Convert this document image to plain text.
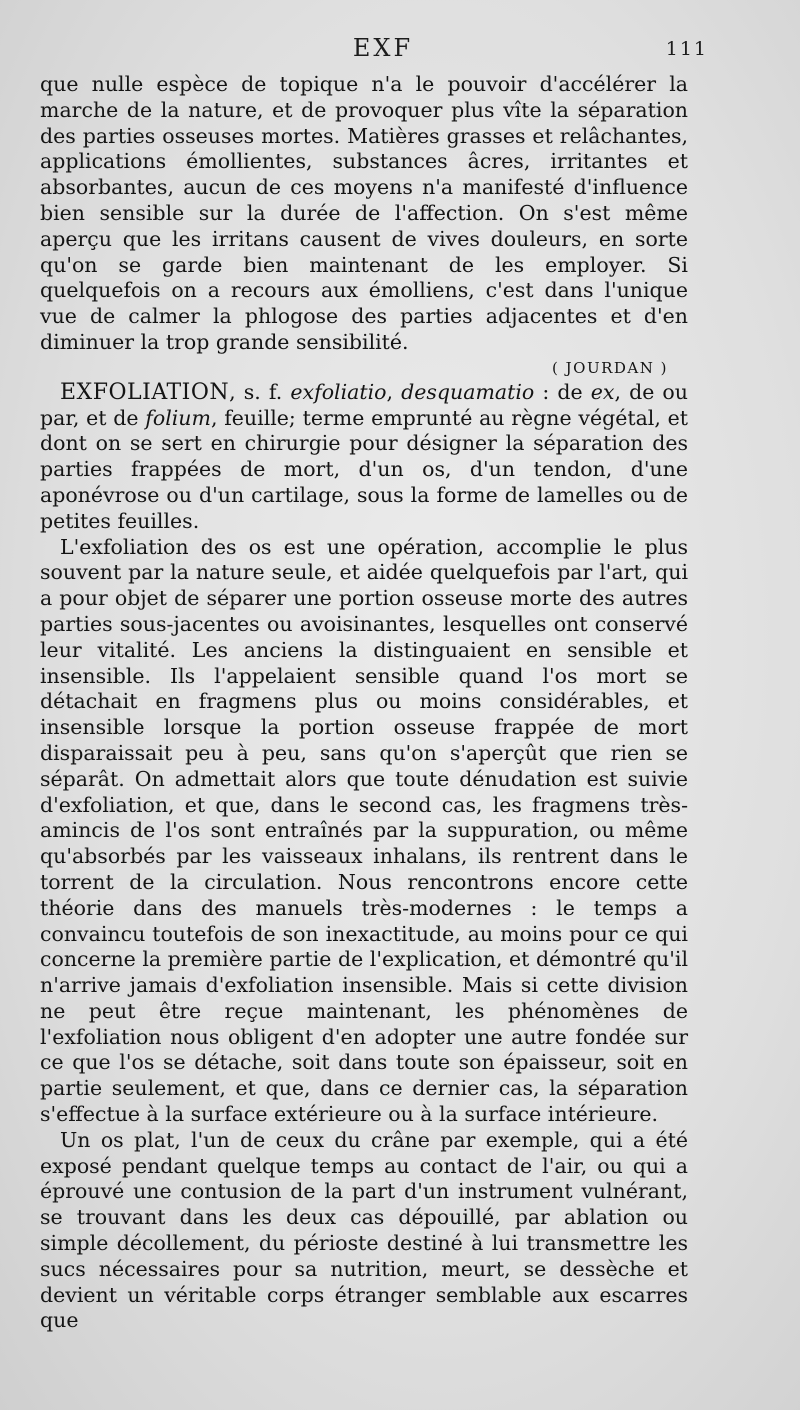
EXF	111

que nulle espèce de topique n'a le pouvoir d'accélérer la marche de la nature, et de provoquer plus vîte la séparation des parties osseuses mortes. Matières grasses et relâchantes, applications émollientes, substances âcres, irritantes et absorbantes, aucun de ces moyens n'a manifesté d'influence bien sensible sur la durée de l'affection. On s'est même aperçu que les irritans causent de vives douleurs, en sorte qu'on se garde bien maintenant de les employer. Si quelquefois on a recours aux émolliens, c'est dans l'unique vue de calmer la phlogose des parties adjacentes et d'en diminuer la trop grande sensibilité.

( JOURDAN )

EXFOLIATION, s. f. exfoliatio, desquamatio : de ex, de ou par, et de folium, feuille; terme emprunté au règne végétal, et dont on se sert en chirurgie pour désigner la séparation des parties frappées de mort, d'un os, d'un tendon, d'une aponévrose ou d'un cartilage, sous la forme de lamelles ou de petites feuilles.

L'exfoliation des os est une opération, accomplie le plus souvent par la nature seule, et aidée quelquefois par l'art, qui a pour objet de séparer une portion osseuse morte des autres parties sous-jacentes ou avoisinantes, lesquelles ont conservé leur vitalité. Les anciens la distinguaient en sensible et insensible. Ils l'appelaient sensible quand l'os mort se détachait en fragmens plus ou moins considérables, et insensible lorsque la portion osseuse frappée de mort disparaissait peu à peu, sans qu'on s'aperçût que rien se séparât. On admettait alors que toute dénudation est suivie d'exfoliation, et que, dans le second cas, les fragmens très-amincis de l'os sont entraînés par la suppuration, ou même qu'absorbés par les vaisseaux inhalans, ils rentrent dans le torrent de la circulation. Nous rencontrons encore cette théorie dans des manuels très-modernes : le temps a convaincu toutefois de son inexactitude, au moins pour ce qui concerne la première partie de l'explication, et démontré qu'il n'arrive jamais d'exfoliation insensible. Mais si cette division ne peut être reçue maintenant, les phénomènes de l'exfoliation nous obligent d'en adopter une autre fondée sur ce que l'os se détache, soit dans toute son épaisseur, soit en partie seulement, et que, dans ce dernier cas, la séparation s'effectue à la surface extérieure ou à la surface intérieure.

Un os plat, l'un de ceux du crâne par exemple, qui a été exposé pendant quelque temps au contact de l'air, ou qui a éprouvé une contusion de la part d'un instrument vulnérant, se trouvant dans les deux cas dépouillé, par ablation ou simple décollement, du périoste destiné à lui transmettre les sucs nécessaires pour sa nutrition, meurt, se dessèche et devient un véritable corps étranger semblable aux escarres que
